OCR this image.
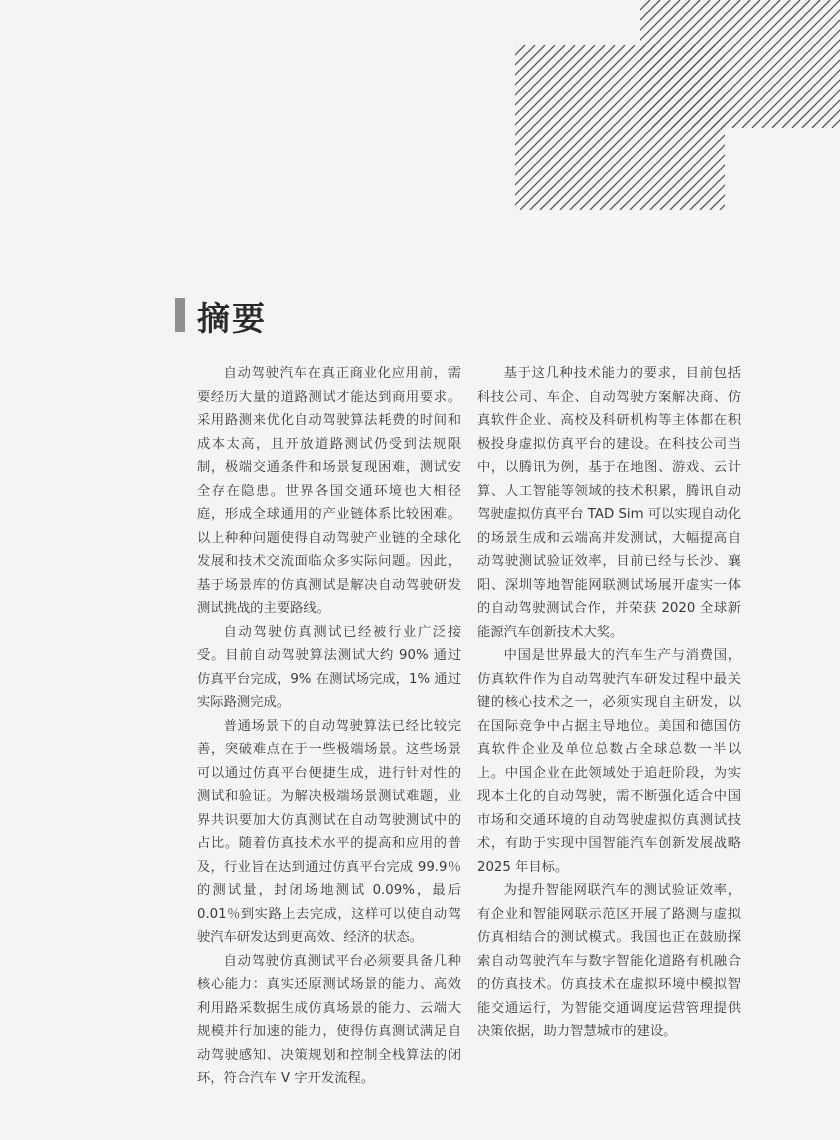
摘要

自动驾驶汽车在真正商业化应用前，需要经历大量的道路测试才能达到商用要求。采用路测来优化自动驾驶算法耗费的时间和成本太高，且开放道路测试仍受到法规限制，极端交通条件和场景复现困难，测试安全存在隐患。世界各国交通环境也大相径庭，形成全球通用的产业链体系比较困难。以上种种问题使得自动驾驶产业链的全球化发展和技术交流面临众多实际问题。因此，基于场景库的仿真测试是解决自动驾驶研发测试挑战的主要路线。

自动驾驶仿真测试已经被行业广泛接受。目前自动驾驶算法测试大约 90% 通过仿真平台完成，9% 在测试场完成，1% 通过实际路测完成。

普通场景下的自动驾驶算法已经比较完善，突破难点在于一些极端场景。这些场景可以通过仿真平台便捷生成，进行针对性的测试和验证。为解决极端场景测试难题，业界共识要加大仿真测试在自动驾驶测试中的占比。随着仿真技术水平的提高和应用的普及，行业旨在达到通过仿真平台完成 99.9％的测试量，封闭场地测试 0.09%，最后 0.01％到实路上去完成，这样可以使自动驾驶汽车研发达到更高效、经济的状态。

自动驾驶仿真测试平台必须要具备几种核心能力：真实还原测试场景的能力、高效利用路采数据生成仿真场景的能力、云端大规模并行加速的能力，使得仿真测试满足自动驾驶感知、决策规划和控制全栈算法的闭环，符合汽车 V 字开发流程。

基于这几种技术能力的要求，目前包括科技公司、车企、自动驾驶方案解决商、仿真软件企业、高校及科研机构等主体都在积极投身虚拟仿真平台的建设。在科技公司当中，以腾讯为例，基于在地图、游戏、云计算、人工智能等领域的技术积累，腾讯自动驾驶虚拟仿真平台 TAD Sim 可以实现自动化的场景生成和云端高并发测试，大幅提高自动驾驶测试验证效率，目前已经与长沙、襄阳、深圳等地智能网联测试场展开虚实一体的自动驾驶测试合作，并荣获 2020 全球新能源汽车创新技术大奖。

中国是世界最大的汽车生产与消费国，仿真软件作为自动驾驶汽车研发过程中最关键的核心技术之一，必须实现自主研发，以在国际竞争中占据主导地位。美国和德国仿真软件企业及单位总数占全球总数一半以上。中国企业在此领域处于追赶阶段，为实现本土化的自动驾驶，需不断强化适合中国市场和交通环境的自动驾驶虚拟仿真测试技术，有助于实现中国智能汽车创新发展战略 2025 年目标。

为提升智能网联汽车的测试验证效率，有企业和智能网联示范区开展了路测与虚拟仿真相结合的测试模式。我国也正在鼓励探索自动驾驶汽车与数字智能化道路有机融合的仿真技术。仿真技术在虚拟环境中模拟智能交通运行，为智能交通调度运营管理提供决策依据，助力智慧城市的建设。
